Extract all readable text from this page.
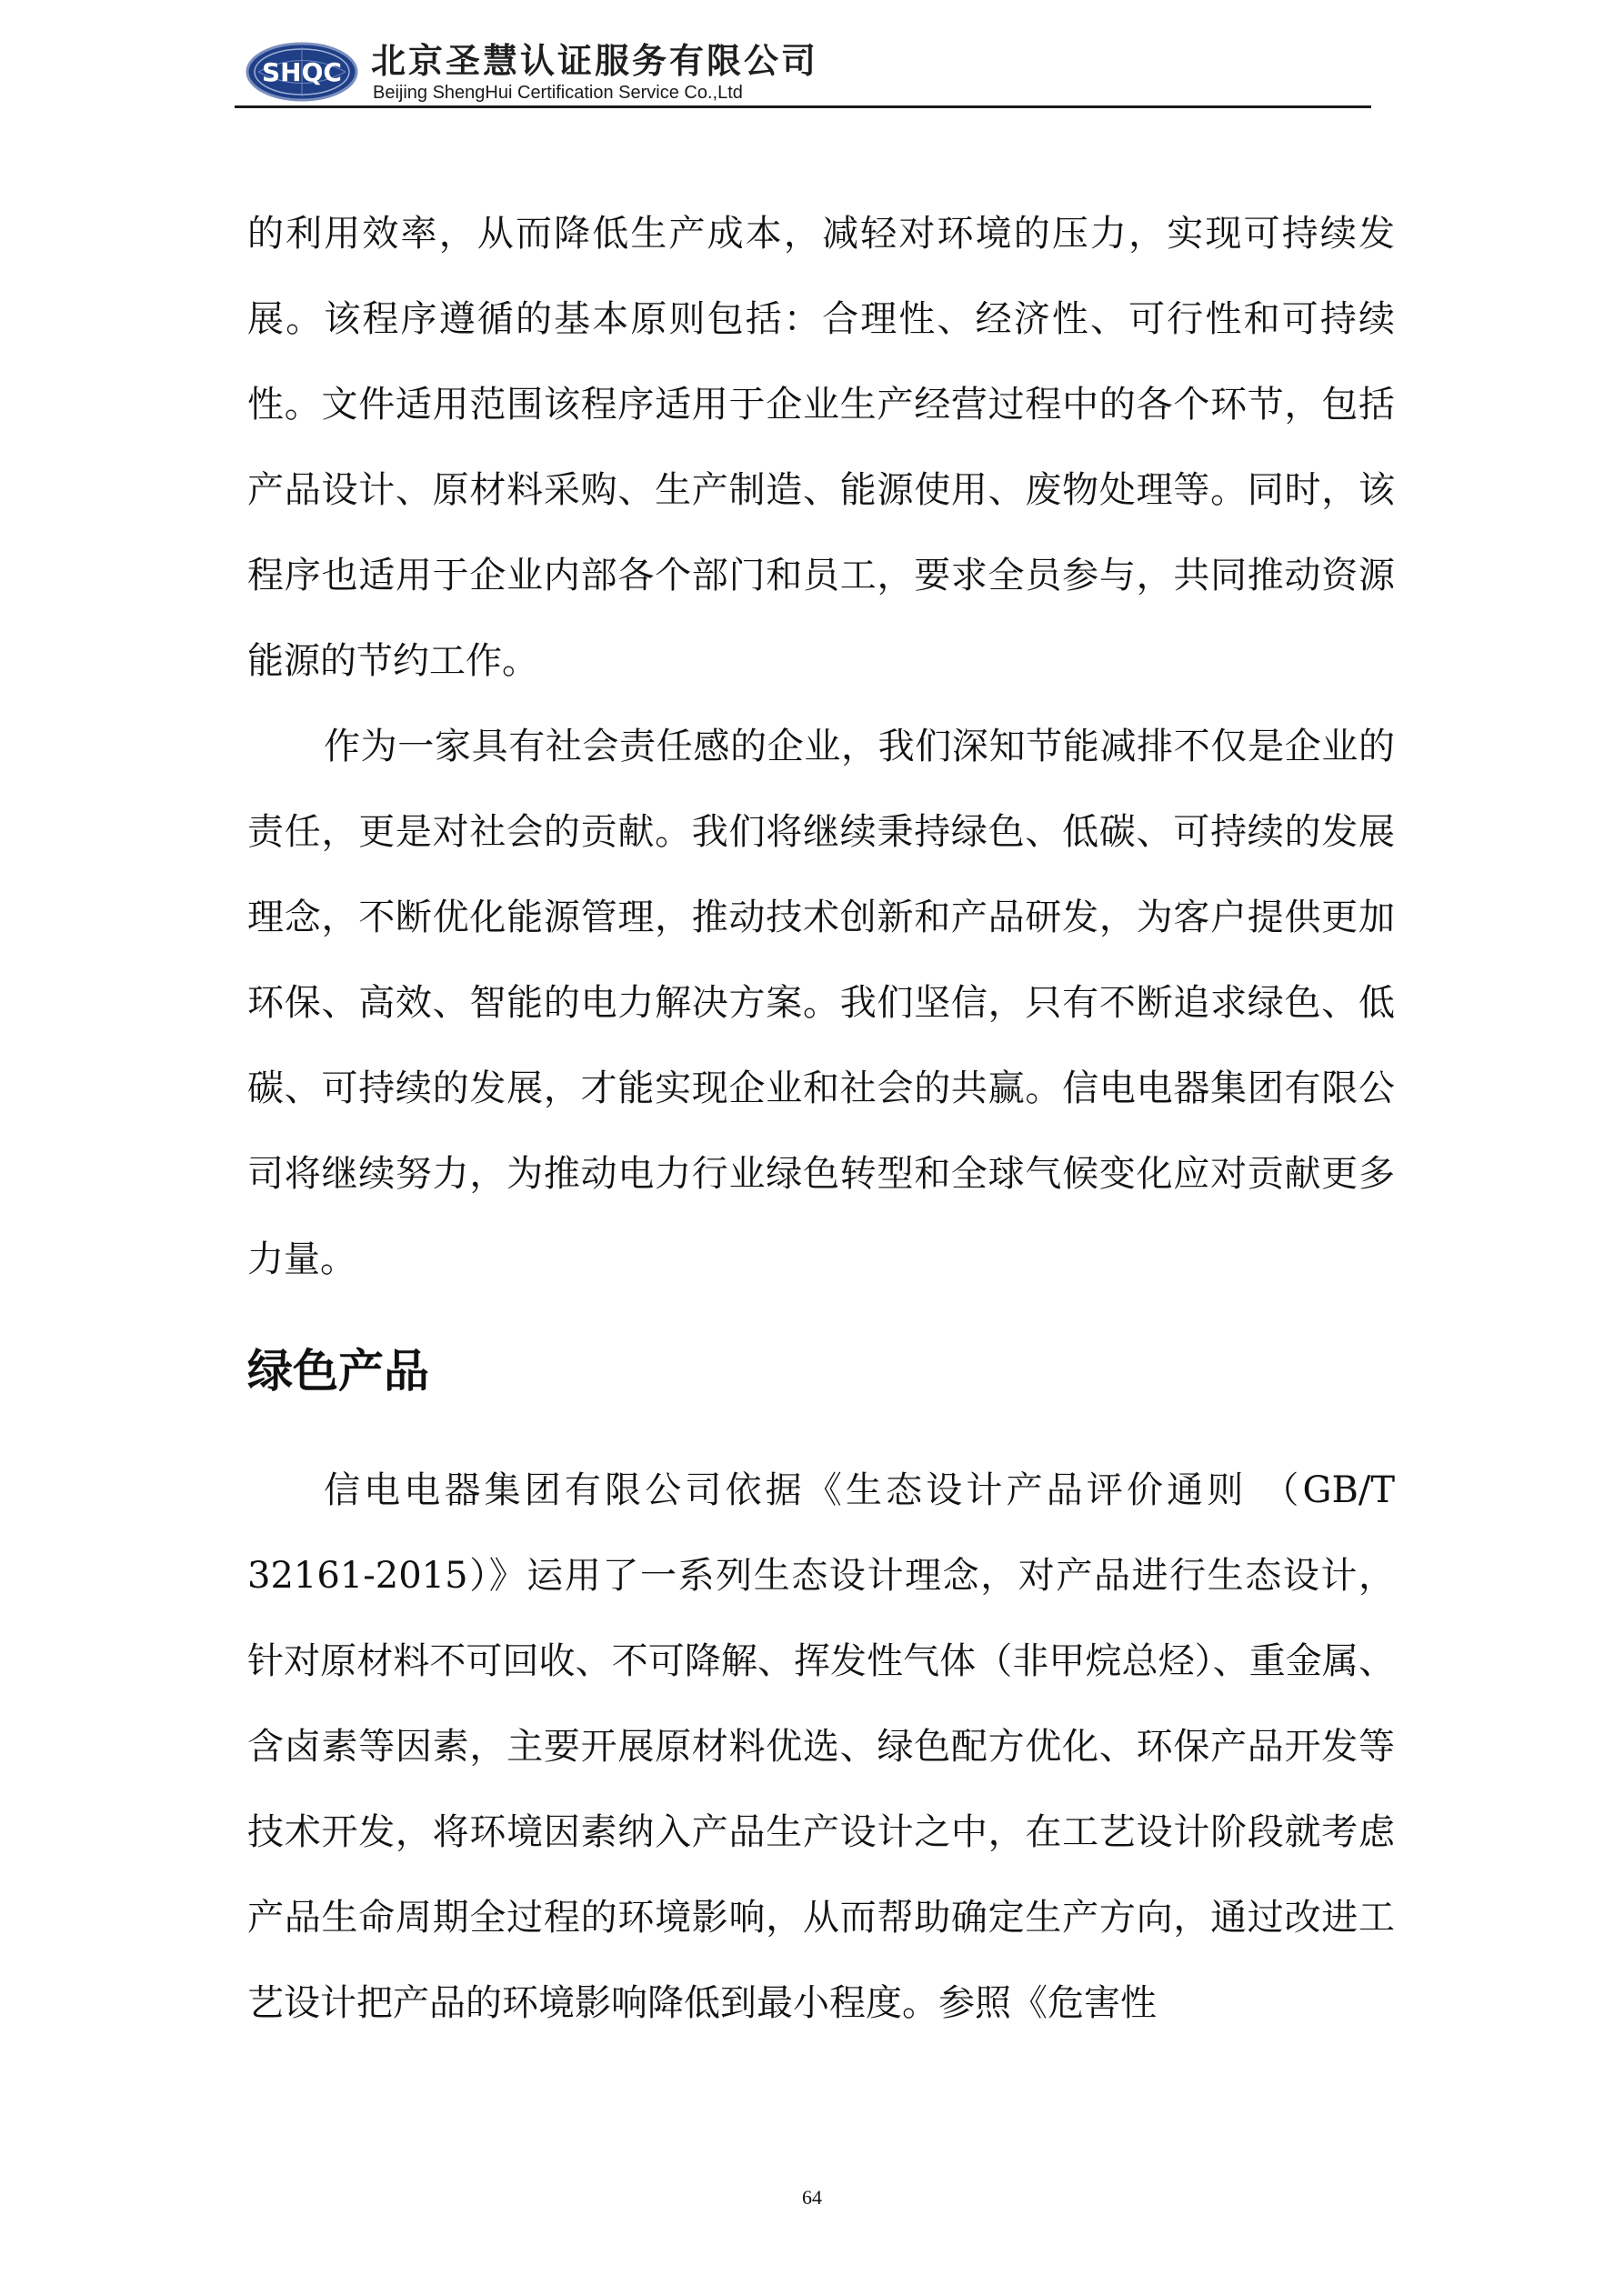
SHQC 北京圣慧认证服务有限公司
Beijing ShengHui Certification Service Co.,Ltd

的利用效率，从而降低生产成本，减轻对环境的压力，实现可持续发展。该程序遵循的基本原则包括：合理性、经济性、可行性和可持续性。文件适用范围该程序适用于企业生产经营过程中的各个环节，包括产品设计、原材料采购、生产制造、能源使用、废物处理等。同时，该程序也适用于企业内部各个部门和员工，要求全员参与，共同推动资源能源的节约工作。

作为一家具有社会责任感的企业，我们深知节能减排不仅是企业的责任，更是对社会的贡献。我们将继续秉持绿色、低碳、可持续的发展理念，不断优化能源管理，推动技术创新和产品研发，为客户提供更加环保、高效、智能的电力解决方案。我们坚信，只有不断追求绿色、低碳、可持续的发展，才能实现企业和社会的共赢。信电电器集团有限公司将继续努力，为推动电力行业绿色转型和全球气候变化应对贡献更多力量。

绿色产品

信电电器集团有限公司依据《生态设计产品评价通则 （GB/T 32161-2015）》运用了一系列生态设计理念，对产品进行生态设计，针对原材料不可回收、不可降解、挥发性气体（非甲烷总烃）、重金属、含卤素等因素，主要开展原材料优选、绿色配方优化、环保产品开发等技术开发，将环境因素纳入产品生产设计之中，在工艺设计阶段就考虑产品生命周期全过程的环境影响，从而帮助确定生产方向，通过改进工艺设计把产品的环境影响降低到最小程度。参照《危害性

64
